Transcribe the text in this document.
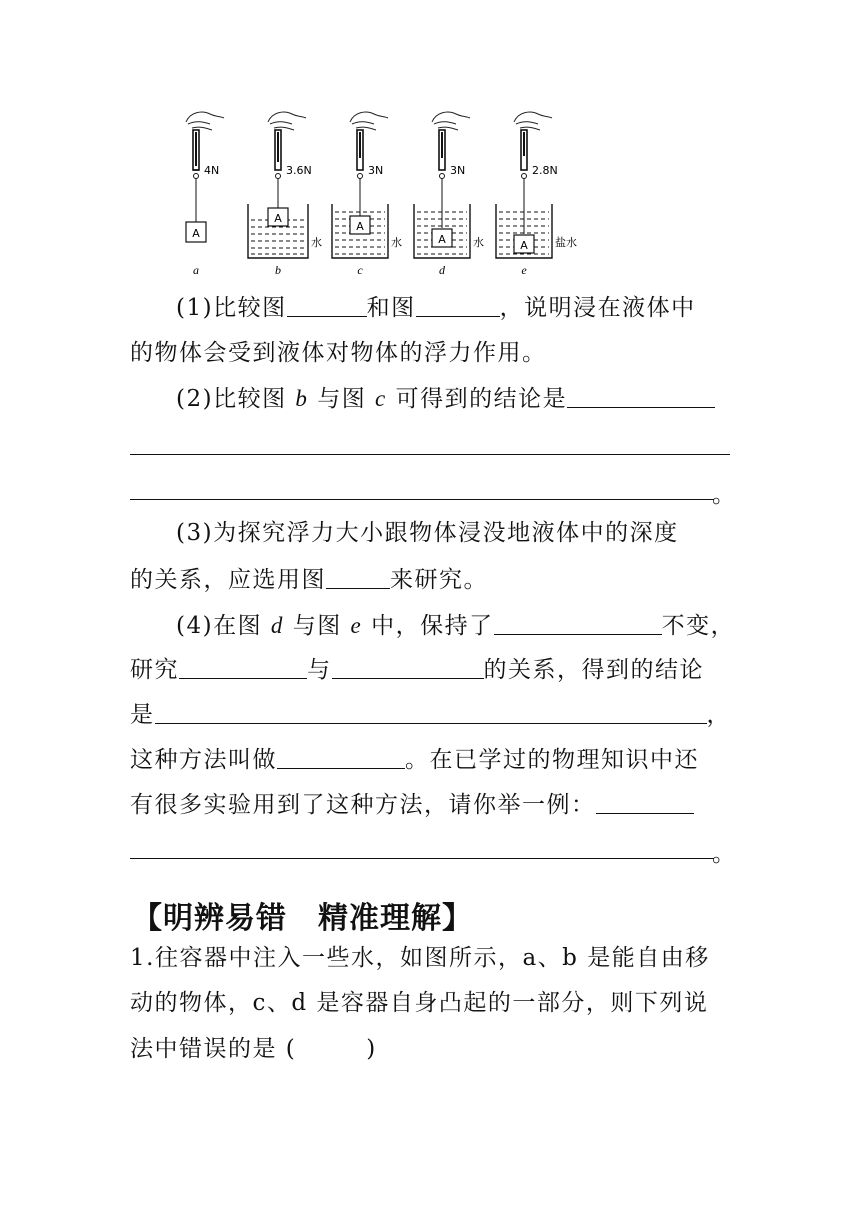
A
4N
a
A
3.6N
水
b
A
3N
水
c
A
3N
水
d
A
2.8N
盐水
e
(1)比较图	和图	，说明浸在液体中
的物体会受到液体对物体的浮力作用。
(2)比较图 b 与图 c 可得到的结论是
。
(3)为探究浮力大小跟物体浸没地液体中的深度
的关系，应选用图	来研究。
(4)在图 d 与图 e 中，保持了	不变，
研究	与	的关系，得到的结论
是	，
这种方法叫做	。在已学过的物理知识中还
有很多实验用到了这种方法，请你举一例：
。
【明辨易错　精准理解】
1.往容器中注入一些水，如图所示，a、b 是能自由移
动的物体，c、d 是容器自身凸起的一部分，则下列说
法中错误的是 (	)
